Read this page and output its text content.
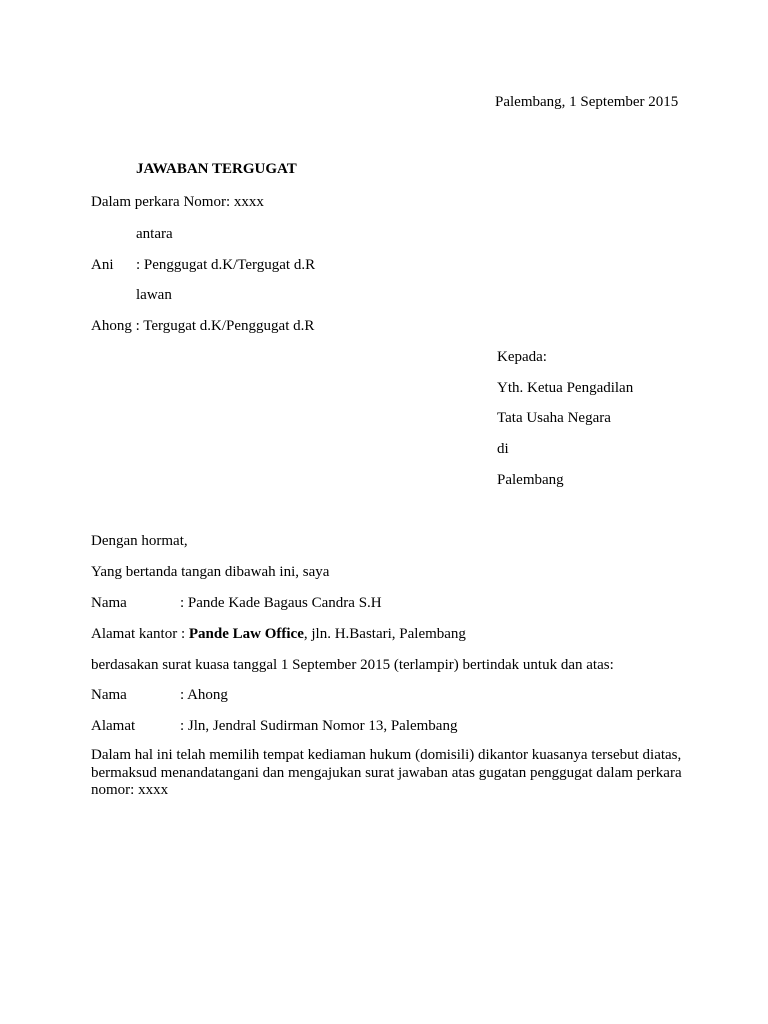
Palembang, 1 September 2015
JAWABAN TERGUGAT
Dalam perkara Nomor: xxxx
antara
Ani : Penggugat d.K/Tergugat d.R
lawan
Ahong : Tergugat d.K/Penggugat d.R
Kepada:
Yth. Ketua Pengadilan
Tata Usaha Negara
di
Palembang
Dengan hormat,
Yang bertanda tangan dibawah ini, saya
Nama	: Pande Kade Bagaus Candra S.H
Alamat kantor : Pande Law Office, jln. H.Bastari, Palembang
berdasakan surat kuasa tanggal 1 September 2015 (terlampir) bertindak untuk dan atas:
Nama	: Ahong
Alamat	: Jln, Jendral Sudirman Nomor 13, Palembang
Dalam hal ini telah memilih tempat kediaman hukum (domisili) dikantor kuasanya tersebut diatas, bermaksud menandatangani dan mengajukan surat jawaban atas gugatan penggugat dalam perkara nomor: xxxx
